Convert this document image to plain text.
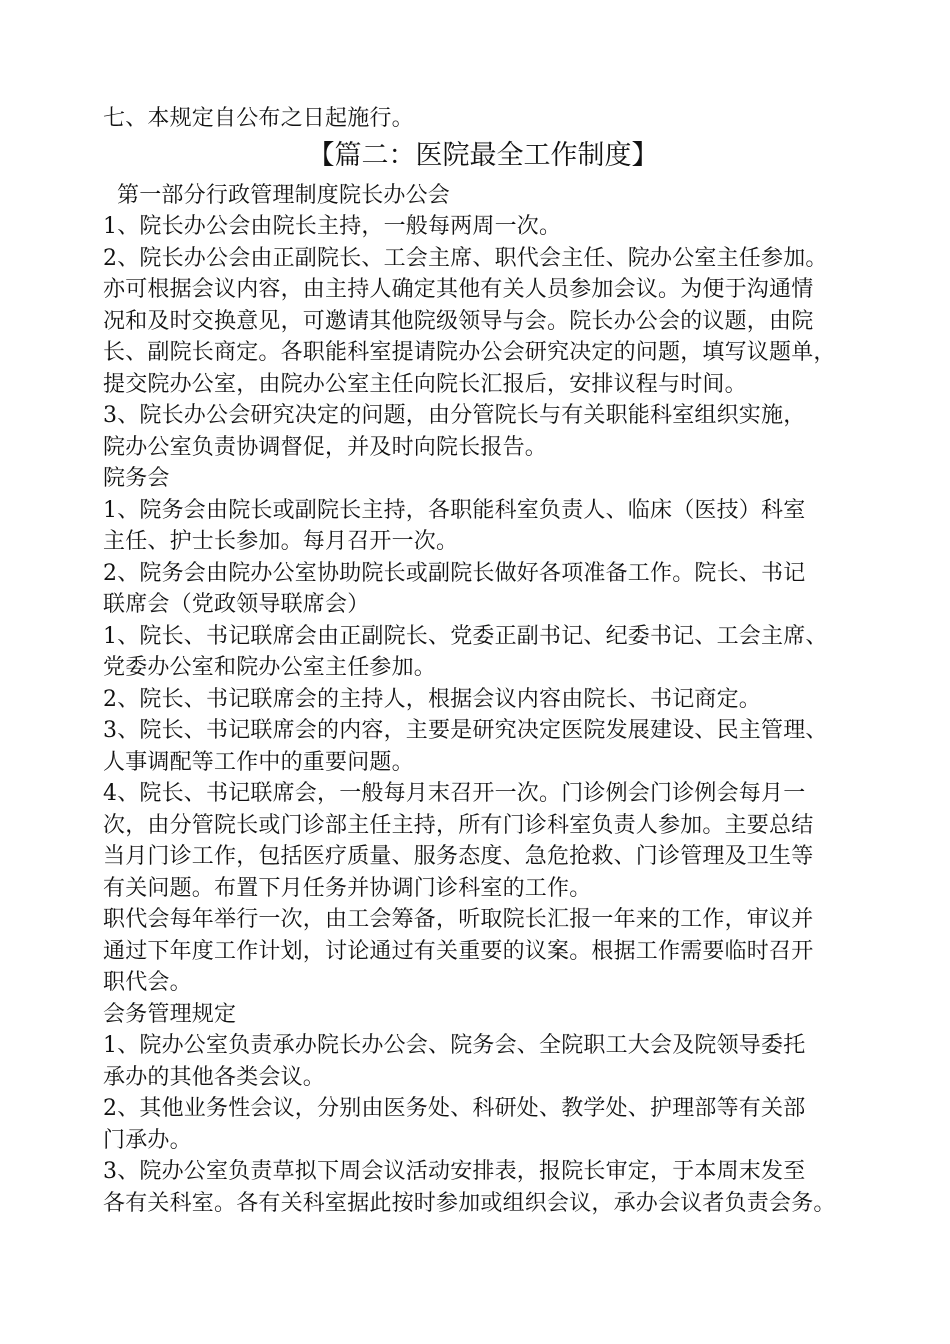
七、本规定自公布之日起施行。
【篇二：医院最全工作制度】
第一部分行政管理制度院长办公会
1、院长办公会由院长主持，一般每两周一次。
2、院长办公会由正副院长、工会主席、职代会主任、院办公室主任参加。
亦可根据会议内容，由主持人确定其他有关人员参加会议。为便于沟通情
况和及时交换意见，可邀请其他院级领导与会。院长办公会的议题，由院
长、副院长商定。各职能科室提请院办公会研究决定的问题，填写议题单，
提交院办公室，由院办公室主任向院长汇报后，安排议程与时间。
3、院长办公会研究决定的问题，由分管院长与有关职能科室组织实施，
院办公室负责协调督促，并及时向院长报告。
院务会
1、院务会由院长或副院长主持，各职能科室负责人、临床（医技）科室
主任、护士长参加。每月召开一次。
2、院务会由院办公室协助院长或副院长做好各项准备工作。院长、书记
联席会（党政领导联席会）
1、院长、书记联席会由正副院长、党委正副书记、纪委书记、工会主席、
党委办公室和院办公室主任参加。
2、院长、书记联席会的主持人，根据会议内容由院长、书记商定。
3、院长、书记联席会的内容，主要是研究决定医院发展建设、民主管理、
人事调配等工作中的重要问题。
4、院长、书记联席会，一般每月末召开一次。门诊例会门诊例会每月一
次，由分管院长或门诊部主任主持，所有门诊科室负责人参加。主要总结
当月门诊工作，包括医疗质量、服务态度、急危抢救、门诊管理及卫生等
有关问题。布置下月任务并协调门诊科室的工作。
职代会每年举行一次，由工会筹备，听取院长汇报一年来的工作，审议并
通过下年度工作计划，讨论通过有关重要的议案。根据工作需要临时召开
职代会。
会务管理规定
1、院办公室负责承办院长办公会、院务会、全院职工大会及院领导委托
承办的其他各类会议。
2、其他业务性会议，分别由医务处、科研处、教学处、护理部等有关部
门承办。
3、院办公室负责草拟下周会议活动安排表，报院长审定，于本周末发至
各有关科室。各有关科室据此按时参加或组织会议，承办会议者负责会务。
